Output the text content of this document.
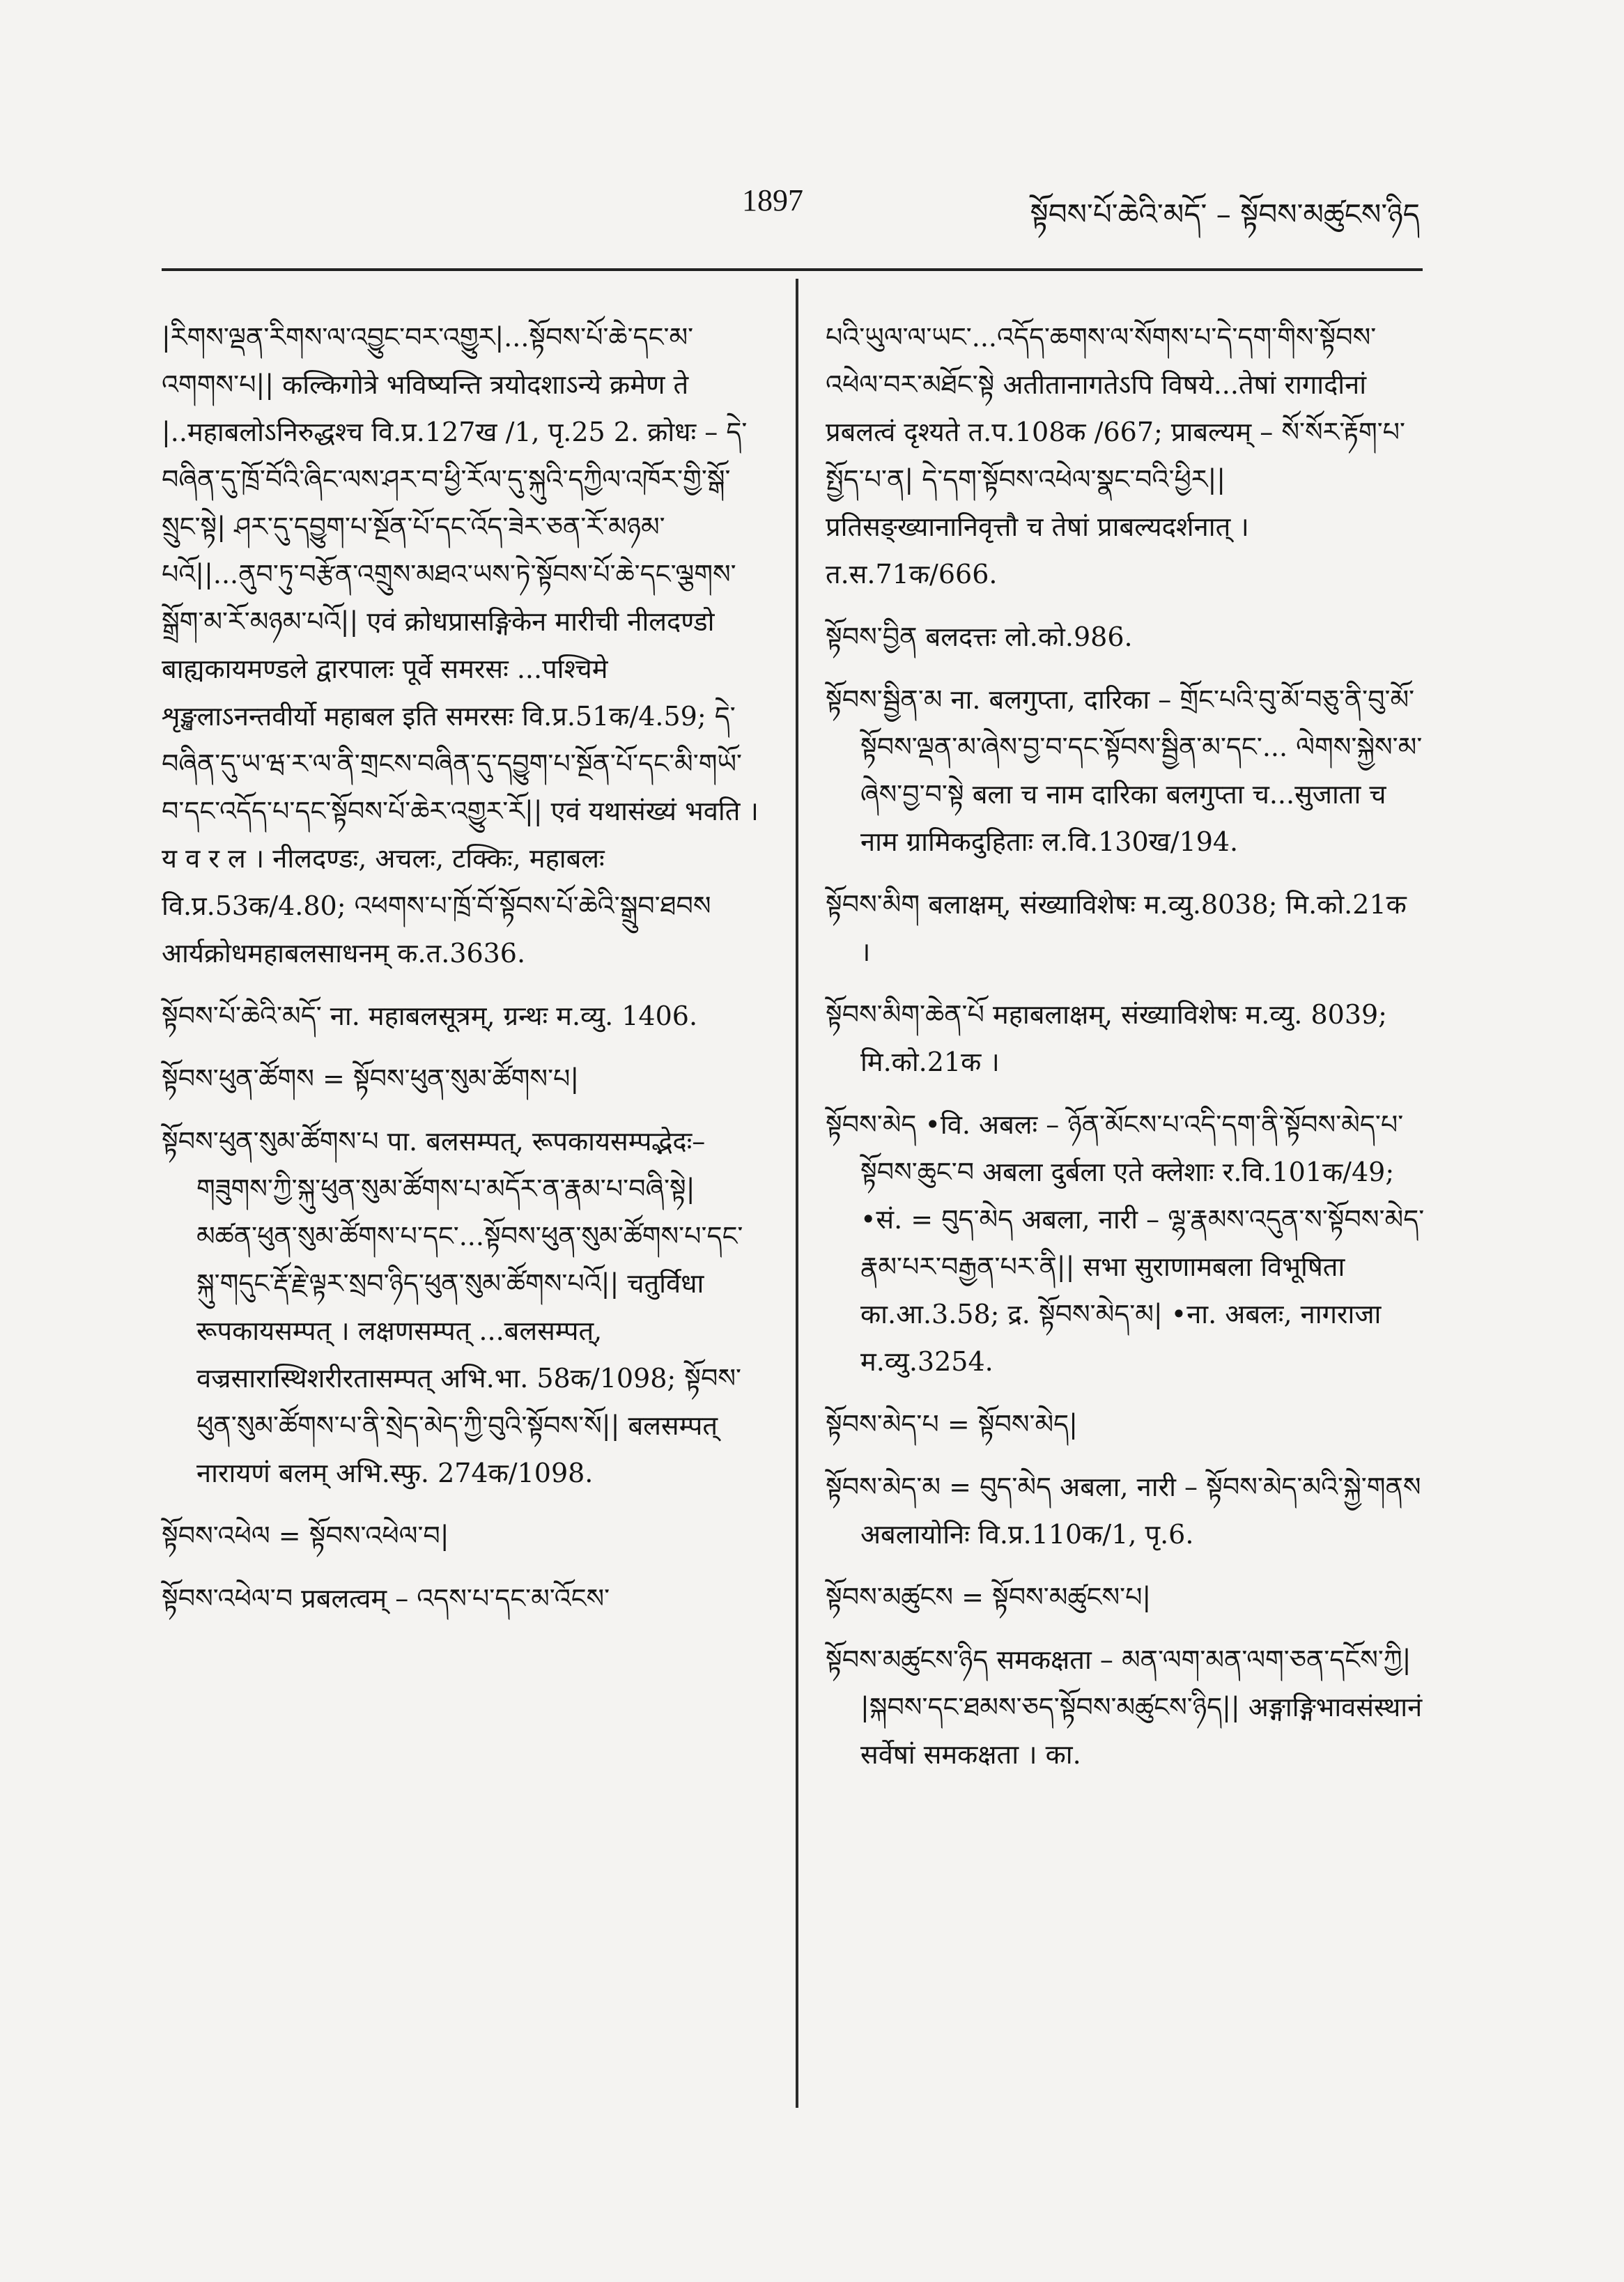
1897	སྟོབས་པོ་ཆེའི་མདོ་ – སྟོབས་མཚུངས་ཉིད

|རིགས་ལྡན་རིགས་ལ་འབྱུང་བར་འགྱུར|...སྟོབས་པོ་ཆེ་དང་མ་འགགས་པ|| कल्किगोत्रे भविष्यन्ति त्रयोदशाऽन्ये क्रमेण ते |..महाबलोऽनिरुद्धश्च वि.प्र.127ख /1, पृ.25 2. क्रोधः – དེ་བཞིན་དུ་ཁྲོ་བོའི་ཞིང་ལས་ཤར་བ་ཕྱི་རོལ་དུ་སྐུའི་དཀྱིལ་འཁོར་གྱི་སྒོ་སྲུང་སྟེ| ཤར་དུ་དབྱུག་པ་སྔོན་པོ་དང་འོད་ཟེར་ཅན་རོ་མཉམ་པའོ||...ནུབ་ཏུ་བརྩོན་འགྲུས་མཐའ་ཡས་ཏེ་སྟོབས་པོ་ཆེ་དང་ལྕགས་སྒྲོག་མ་རོ་མཉམ་པའོ|| एवं क्रोधप्रासङ्गिकेन मारीची नीलदण्डो बाह्यकायमण्डले द्वारपालः पूर्वे समरसः ...पश्चिमे शृङ्खलाऽनन्तवीर्यो महाबल इति समरसः वि.प्र.51क/4.59; དེ་བཞིན་དུ་ཡ་ཝ་ར་ལ་ནི་གྲངས་བཞིན་དུ་དབྱུག་པ་སྔོན་པོ་དང་མི་གཡོ་བ་དང་འདོད་པ་དང་སྟོབས་པོ་ཆེར་འགྱུར་རོ|| एवं यथासंख्यं भवति । य व र ल । नीलदण्डः, अचलः, टक्किः, महाबलः वि.प्र.53क/4.80; འཕགས་པ་ཁྲོ་བོ་སྟོབས་པོ་ཆེའི་སྒྲུབ་ཐབས आर्यक्रोधमहाबलसाधनम् क.त.3636.

སྟོབས་པོ་ཆེའི་མདོ་ ना. महाबलसूत्रम्, ग्रन्थः म.व्यु. 1406.

སྟོབས་ཕུན་ཚོགས = སྟོབས་ཕུན་སུམ་ཚོགས་པ|

སྟོབས་ཕུན་སུམ་ཚོགས་པ पा. बलसम्पत्, रूपकायसम्पद्भेदः– གཟུགས་ཀྱི་སྐུ་ཕུན་སུམ་ཚོགས་པ་མདོར་ན་རྣམ་པ་བཞི་སྟེ| མཚན་ཕུན་སུམ་ཚོགས་པ་དང་...སྟོབས་ཕུན་སུམ་ཚོགས་པ་དང་སྐུ་གདུང་རྡོ་རྗེ་ལྟར་སྲབ་ཉིད་ཕུན་སུམ་ཚོགས་པའོ|| चतुर्विधा रूपकायसम्पत् । लक्षणसम्पत् ...बलसम्पत्, वज्रसारास्थिशरीरतासम्पत् अभि.भा. 58क/1098; སྟོབས་ཕུན་སུམ་ཚོགས་པ་ནི་སྲེད་མེད་ཀྱི་བུའི་སྟོབས་སོ|| बलसम्पत् नारायणं बलम् अभि.स्फु. 274क/1098.

སྟོབས་འཕེལ = སྟོབས་འཕེལ་བ|

སྟོབས་འཕེལ་བ प्रबलत्वम् – འདས་པ་དང་མ་འོངས་

པའི་ཡུལ་ལ་ཡང་...འདོད་ཆགས་ལ་སོགས་པ་དེ་དག་གིས་སྟོབས་འཕེལ་བར་མཐོང་སྟེ अतीतानागतेऽपि विषये...तेषां रागादीनां प्रबलत्वं दृश्यते त.प.108क /667; प्राबल्यम् – སོ་སོར་རྟོག་པ་སྤྱོད་པ་ན| དེ་དག་སྟོབས་འཕེལ་སྣང་བའི་ཕྱིར|| प्रतिसङ्ख्यानानिवृत्तौ च तेषां प्राबल्यदर्शनात् । त.स.71क/666.

སྟོབས་བྱིན बलदत्तः लो.को.986.

སྟོབས་སྦྱིན་མ ना. बलगुप्ता, दारिका – གྲོང་པའི་བུ་མོ་བཅུ་ནི་བུ་མོ་སྟོབས་ལྡན་མ་ཞེས་བྱ་བ་དང་སྟོབས་སྦྱིན་མ་དང་... ལེགས་སྐྱེས་མ་ཞེས་བྱ་བ་སྟེ बला च नाम दारिका बलगुप्ता च...सुजाता च नाम ग्रामिकदुहिताः ल.वि.130ख/194.

སྟོབས་མིག बलाक्षम्, संख्याविशेषः म.व्यु.8038; मि.को.21क ।

སྟོབས་མིག་ཆེན་པོ महाबलाक्षम्, संख्याविशेषः म.व्यु. 8039; मि.को.21क ।

སྟོབས་མེད •वि. अबलः – ཉོན་མོངས་པ་འདི་དག་ནི་སྟོབས་མེད་པ་སྟོབས་ཆུང་བ अबला दुर्बला एते क्लेशाः र.वि.101क/49; •सं. = བུད་མེད अबला, नारी – ལྷ་རྣམས་འདུན་ས་སྟོབས་མེད་རྣམ་པར་བརྒྱན་པར་ནི|| सभा सुराणामबला विभूषिता का.आ.3.58; द्र. སྟོབས་མེད་མ| •ना. अबलः, नागराजा म.व्यु.3254.

སྟོབས་མེད་པ = སྟོབས་མེད|

སྟོབས་མེད་མ = བུད་མེད अबला, नारी – སྟོབས་མེད་མའི་སྐྱེ་གནས अबलायोनिः वि.प्र.110क/1, पृ.6.

སྟོབས་མཚུངས = སྟོབས་མཚུངས་པ|

སྟོབས་མཚུངས་ཉིད समकक्षता – མན་ལག་མན་ལག་ཅན་དངོས་ཀྱི| |སྐབས་དང་ཐམས་ཅད་སྟོབས་མཚུངས་ཉིད|| अङ्गाङ्गिभावसंस्थानं सर्वेषां समकक्षता । का.
